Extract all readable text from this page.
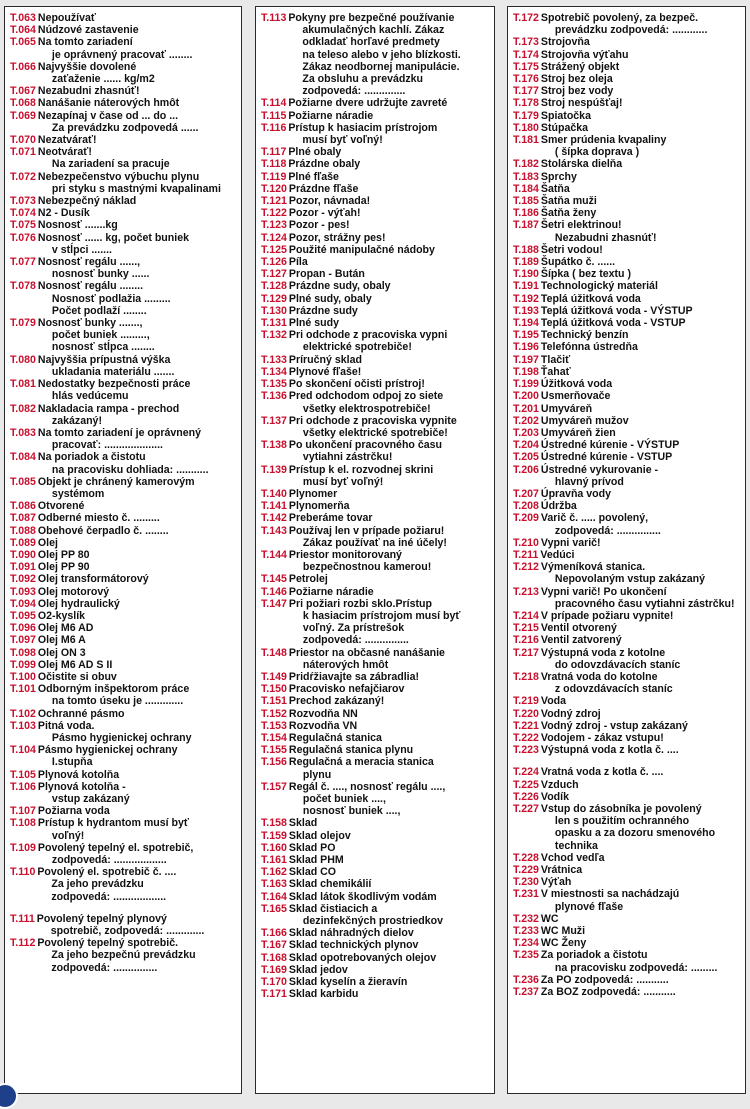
T.063 Nepoužívať
T.064 Núdzové zastavenie
T.065 Na tomto zariadení
je oprávnený pracovať ........
T.066 Najvyššie dovolené
zaťaženie ...... kg/m2
T.067 Nezabudni zhasnúť!
T.068 Nanášanie náterových hmôt
T.069 Nezapínaj v čase od ... do ...
Za prevádzku zodpovedá ......
T.070 Nezatvárať!
T.071 Neotvárať!
Na zariadení sa pracuje
T.072 Nebezpečenstvo výbuchu plynu
pri styku s mastnými kvapalinami
T.073 Nebezpečný náklad
T.074 N2 - Dusík
T.075 Nosnosť .......kg
T.076 Nosnosť ...... kg, počet buniek
v stĺpci .......
T.077 Nosnosť regálu ......,
nosnosť bunky ......
T.078 Nosnosť regálu ........
Nosnosť podlažia .........
Počet podlaží ........
T.079 Nosnosť bunky .......,
počet buniek .........,
nosnosť stĺpca ........
T.080 Najvyššia prípustná výška
ukladania materiálu .......
T.081 Nedostatky bezpečnosti práce
hlás vedúcemu
T.082 Nakladacia rampa - prechod
zakázaný!
T.083 Na tomto zariadení je oprávnený
pracovať: ....................
T.084 Na poriadok a čistotu
na pracovisku dohliada: ...........
T.085 Objekt je chránený kamerovým
systémom
T.086 Otvorené
T.087 Odberné miesto č. .........
T.088 Obehové čerpadlo č. ........
T.089 Olej
T.090 Olej PP 80
T.091 Olej PP 90
T.092 Olej transformátorový
T.093 Olej motorový
T.094 Olej hydraulický
T.095 O2-kyslík
T.096 Olej M6 AD
T.097 Olej M6 A
T.098 Olej ON 3
T.099 Olej M6 AD S II
T.100 Očistite si obuv
T.101 Odborným inšpektorom práce
na tomto úseku je .............
T.102 Ochranné pásmo
T.103 Pitná voda.
Pásmo hygienickej ochrany
T.104 Pásmo hygienickej ochrany
I.stupňa
T.105 Plynová kotolňa
T.106 Plynová kotolňa -
vstup zakázaný
T.107 Požiarna voda
T.108 Prístup k hydrantom musí byť
voľný!
T.109 Povolený tepelný el. spotrebič,
zodpovedá: ..................
T.110 Povolený el. spotrebič č. ....
Za jeho prevádzku
zodpovedá: ..................
T.111 Povolený tepelný plynový
spotrebič, zodpovedá: .............
T.112 Povolený tepelný spotrebič.
Za jeho bezpečnú prevádzku
zodpovedá: ...............
T.113 Pokyny pre bezpečné používanie
akumulačných kachlí. Zákaz
odkladať horľavé predmety
na teleso alebo v jeho blízkosti.
Zákaz neodbornej manipulácie.
Za obsluhu a prevádzku
zodpovedá: ..............
T.114 Požiarne dvere udržujte zavreté
T.115 Požiarne náradie
T.116 Prístup k hasiacim prístrojom
musí byť voľný!
T.117 Plné obaly
T.118 Prázdne obaly
T.119 Plné fľaše
T.120 Prázdne fľaše
T.121 Pozor, návnada!
T.122 Pozor - výťah!
T.123 Pozor - pes!
T.124 Pozor, strážny pes!
T.125 Použité manipulačné nádoby
T.126 Píla
T.127 Propan - Bután
T.128 Prázdne sudy, obaly
T.129 Plné sudy, obaly
T.130 Prázdne sudy
T.131 Plné sudy
T.132 Pri odchode z pracoviska vypni
elektrické spotrebiče!
T.133 Príručný sklad
T.134 Plynové fľaše!
T.135 Po skončení očisti prístroj!
T.136 Pred odchodom odpoj zo siete
všetky elektrospotrebiče!
T.137 Pri odchode z pracoviska vypnite
všetky elektrické spotrebiče!
T.138 Po ukončení pracovného času
vytiahni zástrčku!
T.139 Prístup k el. rozvodnej skrini
musí byť voľný!
T.140 Plynomer
T.141 Plynomerňa
T.142 Preberáme tovar
T.143 Používaj len v prípade požiaru!
Zákaz používať na iné účely!
T.144 Priestor monitorovaný
bezpečnostnou kamerou!
T.145 Petrolej
T.146 Požiarne náradie
T.147 Pri požiari rozbi sklo.Prístup
k hasiacim prístrojom musí byť
voľný. Za prístrešok
zodpovedá: ...............
T.148 Priestor na občasné nanášanie
náterových hmôt
T.149 Pridŕžiavajte sa zábradlia!
T.150 Pracovisko nefajčiarov
T.151 Prechod zakázaný!
T.152 Rozvodňa NN
T.153 Rozvodňa VN
T.154 Regulačná stanica
T.155 Regulačná stanica plynu
T.156 Regulačná a meracia stanica
plynu
T.157 Regál č. ...., nosnosť regálu ....,
počet buniek ....,
nosnosť buniek ....,
T.158 Sklad
T.159 Sklad olejov
T.160 Sklad PO
T.161 Sklad PHM
T.162 Sklad CO
T.163 Sklad chemikálií
T.164 Sklad látok škodlivým vodám
T.165 Sklad čistiacich a
dezinfekčných prostriedkov
T.166 Sklad náhradných dielov
T.167 Sklad technických plynov
T.168 Sklad opotrebovaných olejov
T.169 Sklad jedov
T.170 Sklad kyselín a žieravín
T.171 Sklad karbidu
T.172 Spotrebič povolený, za bezpeč.
prevádzku zodpovedá: ............
T.173 Strojovňa
T.174 Strojovňa výťahu
T.175 Strážený objekt
T.176 Stroj bez oleja
T.177 Stroj bez vody
T.178 Stroj nespúšťaj!
T.179 Spiatočka
T.180 Stúpačka
T.181 Smer prúdenia kvapaliny
( šípka doprava )
T.182 Stolárska dielňa
T.183 Sprchy
T.184 Šatňa
T.185 Šatňa muži
T.186 Šatňa ženy
T.187 Šetri elektrinou!
Nezabudni zhasnúť!
T.188 Šetri vodou!
T.189 Šupátko č. ......
T.190 Šípka ( bez textu )
T.191 Technologický materiál
T.192 Teplá úžitková voda
T.193 Teplá úžitková voda - VÝSTUP
T.194 Teplá úžitková voda - VSTUP
T.195 Technický benzín
T.196 Telefónna ústredňa
T.197 Tlačiť
T.198 Ťahať
T.199 Úžitková voda
T.200 Usmerňovače
T.201 Umyváreň
T.202 Umyváreň mužov
T.203 Umyváreň žien
T.204 Ústredné kúrenie - VÝSTUP
T.205 Ústredné kúrenie - VSTUP
T.206 Ústredné vykurovanie -
hlavný prívod
T.207 Úpravňa vody
T.208 Údržba
T.209 Varič č. ..... povolený,
zodpovedá: ...............
T.210 Vypni varič!
T.211 Vedúci
T.212 Výmeníková stanica.
Nepovolaným vstup zakázaný
T.213 Vypni varič! Po ukončení
pracovného času vytiahni zástrčku!
T.214 V prípade požiaru vypnite!
T.215 Ventil otvorený
T.216 Ventil zatvorený
T.217 Výstupná voda z kotolne
do odovzdávacích staníc
T.218 Vratná voda do kotolne
z odovzdávacích staníc
T.219 Voda
T.220 Vodný zdroj
T.221 Vodný zdroj - vstup zakázaný
T.222 Vodojem - zákaz vstupu!
T.223 Výstupná voda z kotla č. ....
T.224 Vratná voda z kotla č. ....
T.225 Vzduch
T.226 Vodík
T.227 Vstup do zásobníka je povolený
len s použitím ochranného
opasku a za dozoru smenového
technika
T.228 Vchod vedľa
T.229 Vrátnica
T.230 Výťah
T.231 V miestnosti sa nachádzajú
plynové fľaše
T.232 WC
T.233 WC Muži
T.234 WC Ženy
T.235 Za poriadok a čistotu
na pracovisku zodpovedá: .........
T.236 Za PO zodpovedá: ...........
T.237 Za BOZ zodpovedá: ...........
